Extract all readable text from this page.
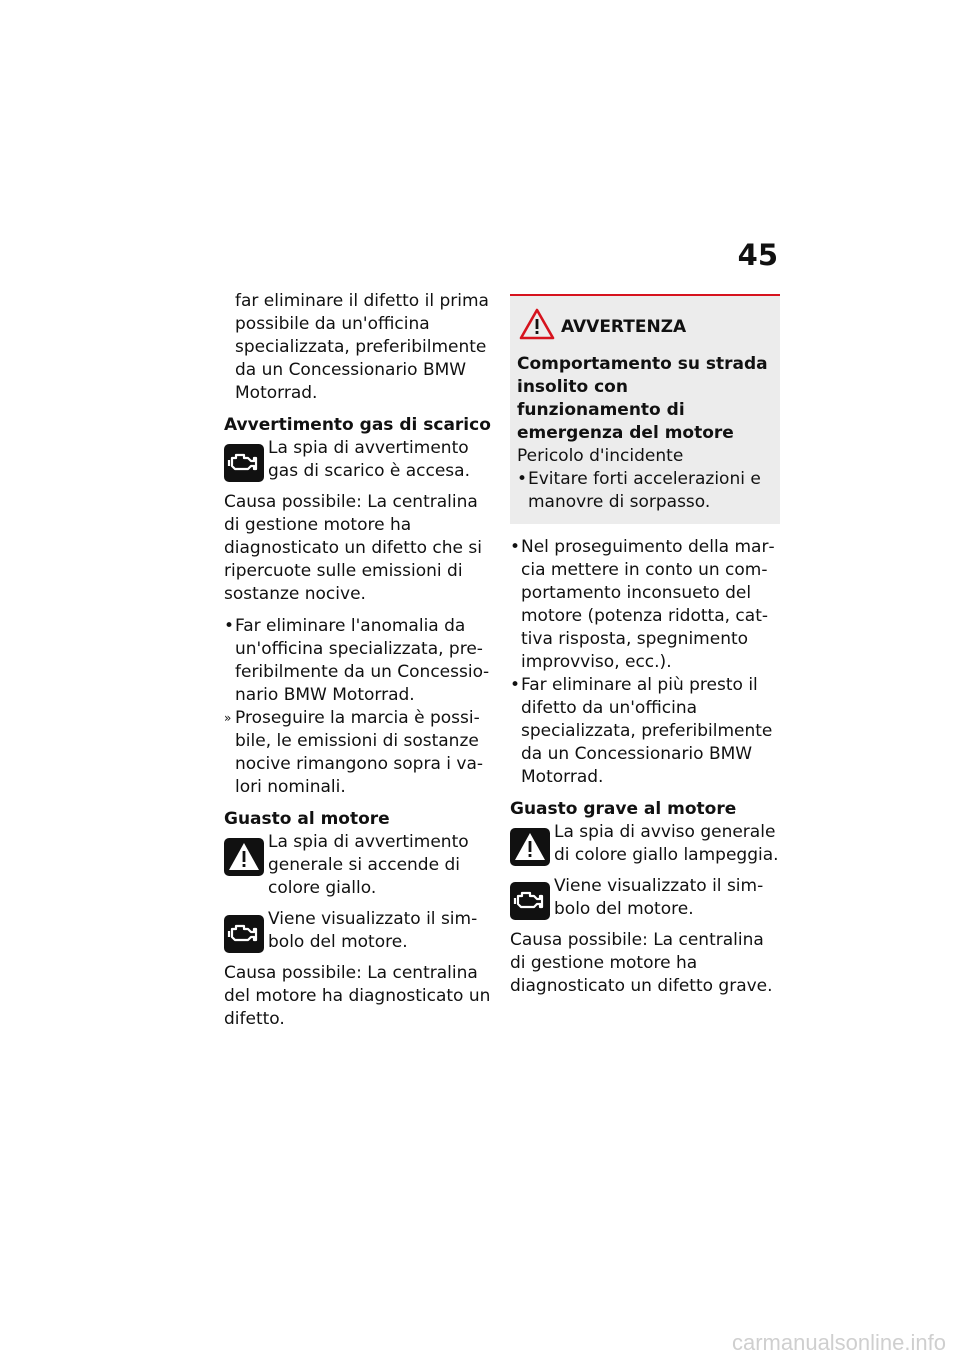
45

far eliminare il difetto il prima possibile da un'officina specializzata, preferibilmente da un Concessionario BMW Motorrad.

Avvertimento gas di scarico

La spia di avvertimento gas di scarico è accesa.

Causa possibile: La centralina di gestione motore ha diagnosticato un difetto che si ripercuote sulle emissioni di sostanze nocive.

• Far eliminare l'anomalia da un'officina specializzata, preferibilmente da un Concessionario BMW Motorrad.
» Proseguire la marcia è possibile, le emissioni di sostanze nocive rimangono sopra i valori nominali.

Guasto al motore

La spia di avvertimento generale si accende di colore giallo.
Viene visualizzato il simbolo del motore.

Causa possibile: La centralina del motore ha diagnosticato un difetto.

AVVERTENZA
Comportamento su strada insolito con funzionamento di emergenza del motore
Pericolo d'incidente
• Evitare forti accelerazioni e manovre di sorpasso.
• Nel proseguimento della marcia mettere in conto un comportamento inconsueto del motore (potenza ridotta, cattiva risposta, spegnimento improvviso, ecc.).
• Far eliminare al più presto il difetto da un'officina specializzata, preferibilmente da un Concessionario BMW Motorrad.

Guasto grave al motore

La spia di avviso generale di colore giallo lampeggia.
Viene visualizzato il simbolo del motore.

Causa possibile: La centralina di gestione motore ha diagnosticato un difetto grave.

carmanualsonline.info
